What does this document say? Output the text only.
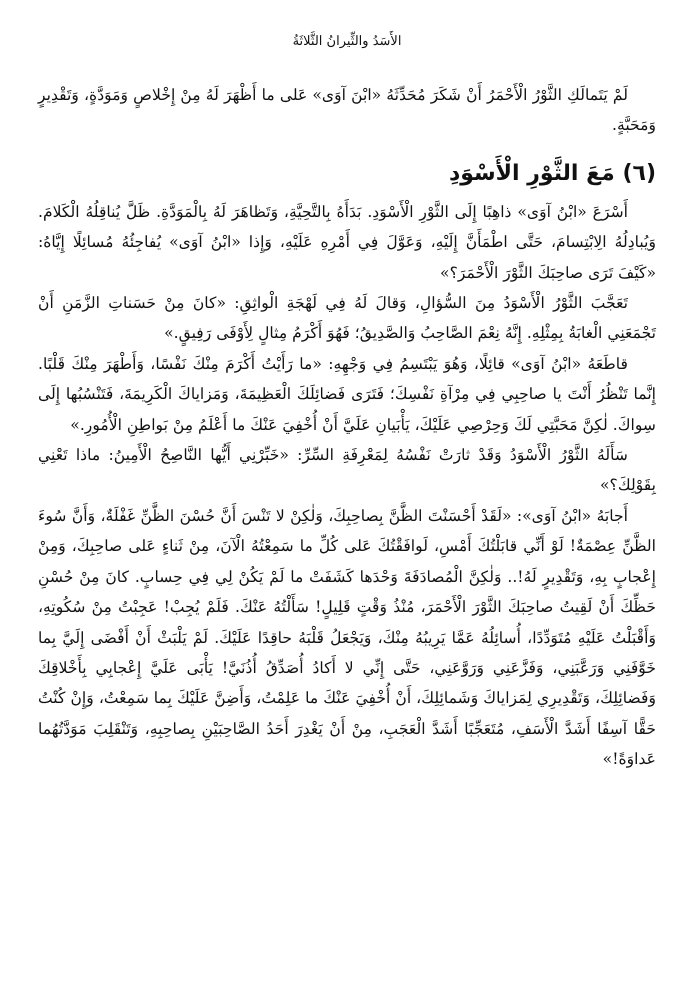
الأَسَدُ والثِّيرانُ الثَّلاثَةُ

لَمْ يَتَمالَكِ الثَّوْرُ الْأَحْمَرُ أَنْ شَكَرَ مُحَدِّثَهُ «ابْنَ آوَى» عَلى ما أَظْهَرَ لَهُ مِنْ إِخْلاصٍ وَمَوَدَّةٍ، وَتَقْدِيرٍ وَمَحَبَّةٍ.

(٦) مَعَ الثَّوْرِ الْأَسْوَدِ

أَسْرَعَ «ابْنُ آوَى» ذاهِبًا إِلَى الثَّوْرِ الْأَسْوَدِ. بَدَأَهُ بِالتَّحِيَّةِ، وَتَظاهَرَ لَهُ بِالْمَوَدَّةِ. ظَلَّ يُناقِلُهُ الْكَلامَ. وَيُبادِلُهُ الِابْتِسامَ، حَتَّى اطْمَأَنَّ إِلَيْهِ، وَعَوَّلَ فِي أَمْرِهِ عَلَيْهِ، وَإِذا «ابْنُ آوَى» يُفاجِئُهُ مُسائِلًا إِيَّاهُ: «كَيْفَ تَرَى صاحِبَكَ الثَّوْرَ الْأَحْمَرَ؟»

تَعَجَّبَ الثَّوْرُ الْأَسْوَدُ مِنَ السُّؤالِ، وَقالَ لَهُ فِي لَهْجَةِ الْواثِقِ: «كانَ مِنْ حَسَناتِ الزَّمَنِ أَنْ تَجْمَعَنِي الْغابَةُ بِمِثْلِهِ. إِنَّهُ نِعْمَ الصَّاحِبُ وَالصَّدِيقُ؛ فَهُوَ أَكْرَمُ مِثالٍ لِأَوْفَى رَفِيقٍ.»

قاطَعَهُ «ابْنُ آوَى» قائِلًا، وَهُوَ يَبْتَسِمُ فِي وَجْهِهِ: «ما رَأَيْتُ أَكْرَمَ مِنْكَ نَفْسًا، وَأَطْهَرَ مِنْكَ قَلْبًا. إِنَّما تَنْظُرُ أَنْتَ يا صاحِبِي فِي مِرْآةِ نَفْسِكَ؛ فَتَرَى فَضائِلَكَ الْعَظِيمَةَ، وَمَزاياكَ الْكَرِيمَةَ، فَتَنْسُبُها إِلَى سِواكَ. لٰكِنَّ مَحَبَّتِي لَكَ وَحِرْصِي عَلَيْكَ، يَأْبَيانِ عَلَيَّ أَنْ أُخْفِيَ عَنْكَ ما أَعْلَمُ مِنْ بَواطِنِ الْأُمُورِ.»

سَأَلَهُ الثَّوْرُ الْأَسْوَدُ وَقَدْ ثارَتْ نَفْسُهُ لِمَعْرِفَةِ السِّرِّ: «خَبِّرْنِي أَيُّها النَّاصِحُ الْأَمِينُ: ماذا تَعْنِي بِقَوْلِكَ؟»

أَجابَهُ «ابْنُ آوَى»: «لَقَدْ أَحْسَنْتَ الظَّنَّ بِصاحِبِكَ، وَلٰكِنْ لا تَنْسَ أَنَّ حُسْنَ الظَّنِّ غَفْلَةٌ، وَأَنَّ سُوءَ الظَّنِّ عِصْمَةٌ! لَوْ أَنِّي قابَلْتُكَ أَمْسِ، لَوافَقْتُكَ عَلى كُلِّ ما سَمِعْتُهُ الْآنَ، مِنْ ثَناءٍ عَلى صاحِبِكَ، وَمِنْ إِعْجابٍ بِهِ، وَتَقْدِيرٍ لَهُ!.. وَلٰكِنَّ الْمُصادَفَةَ وَحْدَها كَشَفَتْ ما لَمْ يَكُنْ لِي فِي حِسابٍ. كانَ مِنْ حُسْنِ حَظِّكَ أَنْ لَقِيتُ صاحِبَكَ الثَّوْرَ الْأَحْمَرَ، مُنْذُ وَقْتٍ قَلِيلٍ! سَأَلْتُهُ عَنْكَ. فَلَمْ يُجِبْ! عَجِبْتُ مِنْ سُكُوتِهِ، وَأَقْبَلْتُ عَلَيْهِ مُتَوَدِّدًا، أُسائِلُهُ عَمَّا يَرِيبُهُ مِنْكَ، وَيَجْعَلُ قَلْبَهُ حاقِدًا عَلَيْكَ. لَمْ يَلْبَثْ أَنْ أَفْضَى إِلَيَّ بِما خَوَّفَنِي وَرَعَّبَنِي، وَفَزَّعَنِي وَرَوَّعَنِي، حَتَّى إِنِّي لا أَكادُ أُصَدِّقُ أُذُنَيَّ! يَأْبَى عَلَيَّ إِعْجابِي بِأَخْلاقِكَ وَفَضائِلِكَ، وَتَقْدِيرِي لِمَزاياكَ وَشَمائِلِكَ، أَنْ أُخْفِيَ عَنْكَ ما عَلِمْتُ، وَأَضِنَّ عَلَيْكَ بِما سَمِعْتُ، وَإِنْ كُنْتُ حَقًّا آسِفًا أَشَدَّ الْأَسَفِ، مُتَعَجِّبًا أَشَدَّ الْعَجَبِ، مِنْ أَنْ يَغْدِرَ أَحَدُ الصَّاحِبَيْنِ بِصاحِبِهِ، وَتَنْقَلِبَ مَوَدَّتُهُما عَداوَةً!»
